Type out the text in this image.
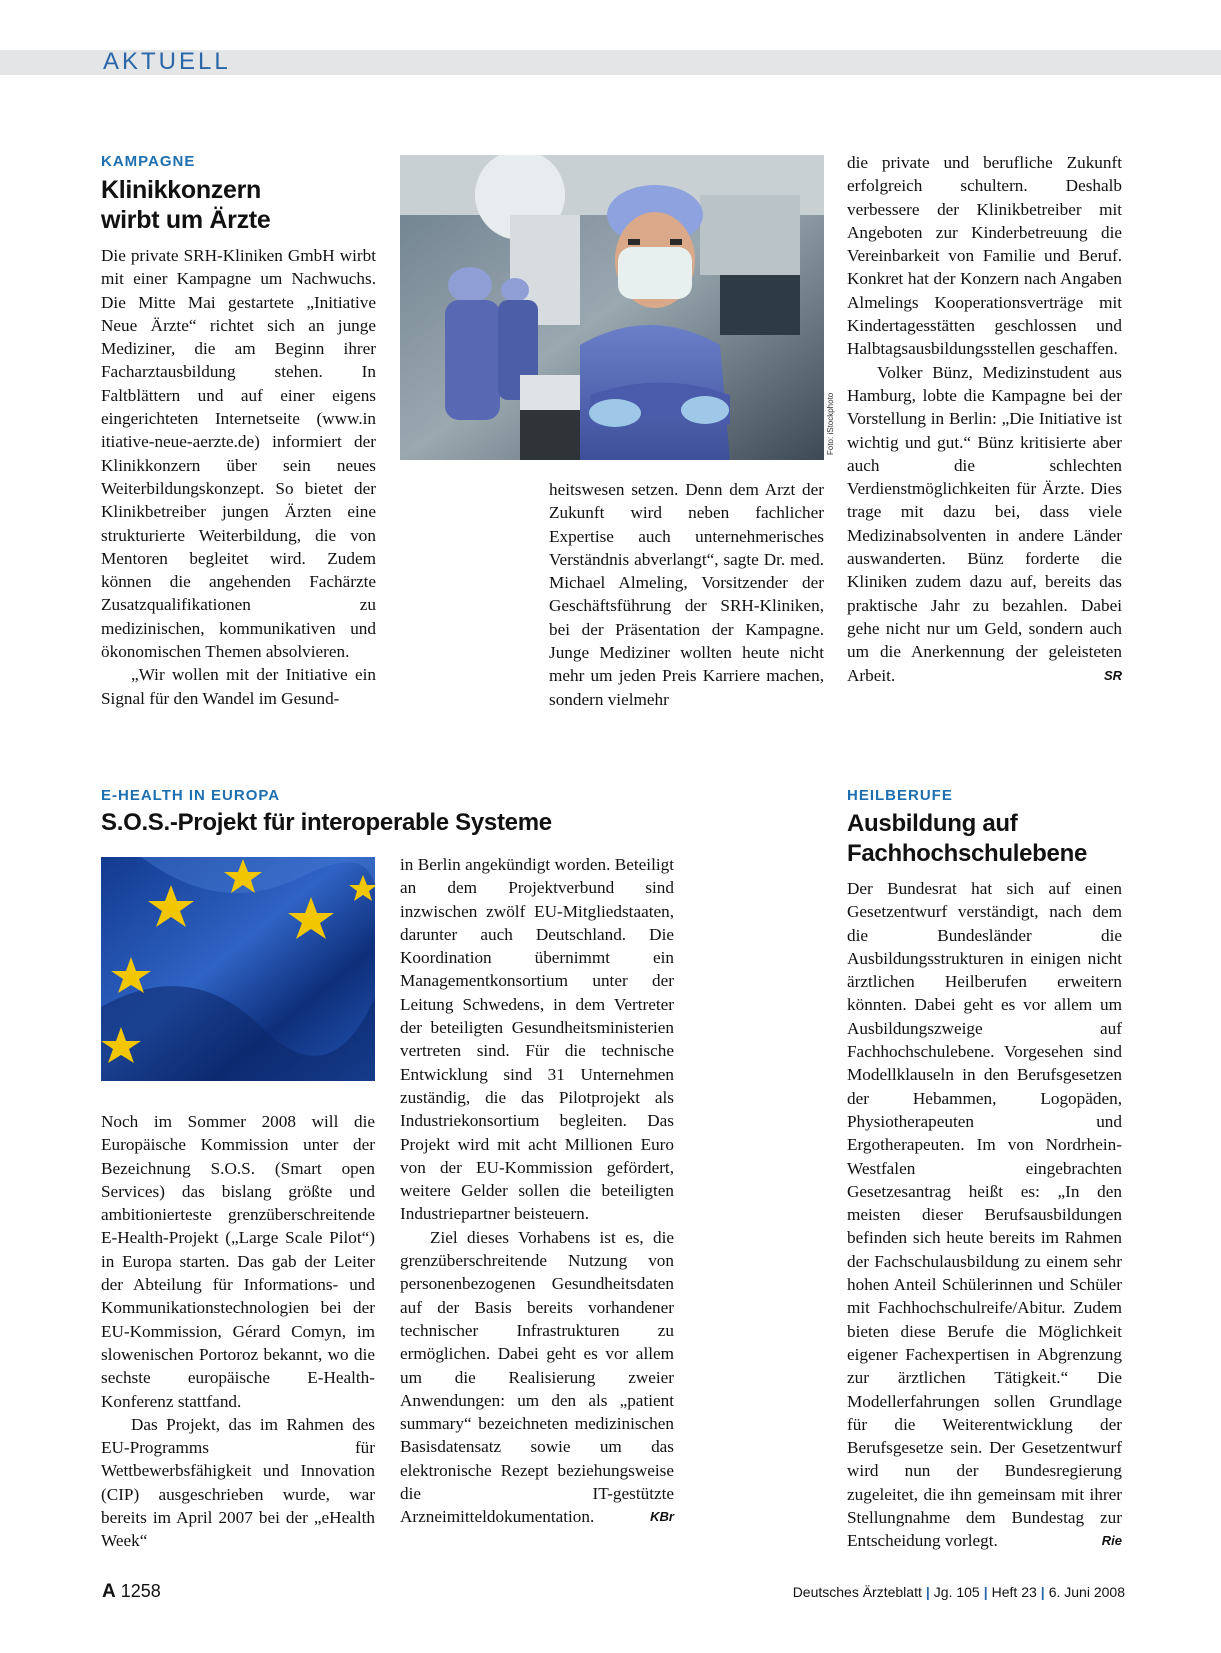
AKTUELL
KAMPAGNE
Klinikkonzern
wirbt um Ärzte

Die private SRH-Kliniken GmbH wirbt mit einer Kampagne um Nachwuchs. Die Mitte Mai gestartete „Initiative Neue Ärzte“ richtet sich an junge Mediziner, die am Beginn ihrer Facharztausbildung stehen. In Faltblättern und auf einer eigens eingerichteten Internetseite (www.in itiative-neue-aerzte.de) informiert der Klinikkonzern über sein neues Weiterbildungskonzept. So bietet der Klinikbetreiber jungen Ärzten eine strukturierte Weiterbildung, die von Mentoren begleitet wird. Zudem können die angehenden Fachärzte Zusatzqualifikationen zu medizinischen, kommunikativen und ökonomischen Themen absolvieren.

„Wir wollen mit der Initiative ein Signal für den Wandel im Gesund-

Foto: iStockphoto

heitswesen setzen. Denn dem Arzt der Zukunft wird neben fachlicher Expertise auch unternehmerisches Verständnis abverlangt“, sagte Dr. med. Michael Almeling, Vorsitzender der Geschäftsführung der SRH-Kliniken, bei der Präsentation der Kampagne. Junge Mediziner wollten heute nicht mehr um jeden Preis Karriere machen, sondern vielmehr

die private und berufliche Zukunft erfolgreich schultern. Deshalb verbessere der Klinikbetreiber mit Angeboten zur Kinderbetreuung die Vereinbarkeit von Familie und Beruf. Konkret hat der Konzern nach Angaben Almelings Kooperationsverträge mit Kindertagesstätten geschlossen und Halbtagsausbildungsstellen geschaffen.

Volker Bünz, Medizinstudent aus Hamburg, lobte die Kampagne bei der Vorstellung in Berlin: „Die Initiative ist wichtig und gut.“ Bünz kritisierte aber auch die schlechten Verdienstmöglichkeiten für Ärzte. Dies trage mit dazu bei, dass viele Medizinabsolventen in andere Länder auswanderten. Bünz forderte die Kliniken zudem dazu auf, bereits das praktische Jahr zu bezahlen. Dabei gehe nicht nur um Geld, sondern auch um die Anerkennung der geleisteten Arbeit.	SR

E-HEALTH IN EUROPA
S.O.S.-Projekt für interoperable Systeme

Noch im Sommer 2008 will die Europäische Kommission unter der Bezeichnung S.O.S. (Smart open Services) das bislang größte und ambitionierteste grenzüberschreitende E-Health-Projekt („Large Scale Pilot“) in Europa starten. Das gab der Leiter der Abteilung für Informations- und Kommunikationstechnologien bei der EU-Kommission, Gérard Comyn, im slowenischen Portoroz bekannt, wo die sechste europäische E-Health-Konferenz stattfand.

Das Projekt, das im Rahmen des EU-Programms für Wettbewerbsfähigkeit und Innovation (CIP) ausgeschrieben wurde, war bereits im April 2007 bei der „eHealth Week“

in Berlin angekündigt worden. Beteiligt an dem Projektverbund sind inzwischen zwölf EU-Mitgliedstaaten, darunter auch Deutschland. Die Koordination übernimmt ein Managementkonsortium unter der Leitung Schwedens, in dem Vertreter der beteiligten Gesundheitsministerien vertreten sind. Für die technische Entwicklung sind 31 Unternehmen zuständig, die das Pilotprojekt als Industriekonsortium begleiten. Das Projekt wird mit acht Millionen Euro von der EU-Kommission gefördert, weitere Gelder sollen die beteiligten Industriepartner beisteuern.

Ziel dieses Vorhabens ist es, die grenzüberschreitende Nutzung von personenbezogenen Gesundheitsdaten auf der Basis bereits vorhandener technischer Infrastrukturen zu ermöglichen. Dabei geht es vor allem um die Realisierung zweier Anwendungen: um den als „patient summary“ bezeichneten medizinischen Basisdatensatz sowie um das elektronische Rezept beziehungsweise die IT-gestützte Arzneimitteldokumentation.	KBr

HEILBERUFE
Ausbildung auf
Fachhochschulebene

Der Bundesrat hat sich auf einen Gesetzentwurf verständigt, nach dem die Bundesländer die Ausbildungsstrukturen in einigen nicht ärztlichen Heilberufen erweitern könnten. Dabei geht es vor allem um Ausbildungszweige auf Fachhochschulebene. Vorgesehen sind Modellklauseln in den Berufsgesetzen der Hebammen, Logopäden, Physiotherapeuten und Ergotherapeuten. Im von Nordrhein-Westfalen eingebrachten Gesetzesantrag heißt es: „In den meisten dieser Berufsausbildungen befinden sich heute bereits im Rahmen der Fachschulausbildung zu einem sehr hohen Anteil Schülerinnen und Schüler mit Fachhochschulreife/Abitur. Zudem bieten diese Berufe die Möglichkeit eigener Fachexpertisen in Abgrenzung zur ärztlichen Tätigkeit.“ Die Modellerfahrungen sollen Grundlage für die Weiterentwicklung der Berufsgesetze sein. Der Gesetzentwurf wird nun der Bundesregierung zugeleitet, die ihn gemeinsam mit ihrer Stellungnahme dem Bundestag zur Entscheidung vorlegt.	Rie

A 1258	Deutsches Ärzteblatt | Jg. 105 | Heft 23 | 6. Juni 2008
